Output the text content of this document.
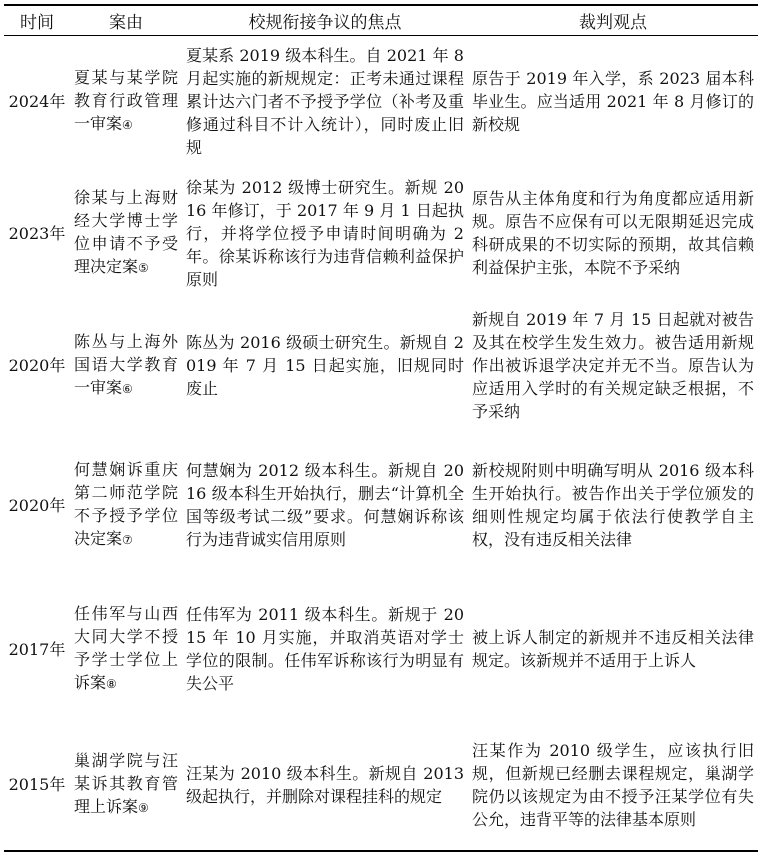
时间	案由	校规衔接争议的焦点	裁判观点
2024年	夏某与某学院教育行政管理一审案④	夏某系 2019 级本科生。自 2021 年 8 月起实施的新规规定：正考未通过课程累计达六门者不予授予学位（补考及重修通过科目不计入统计），同时废止旧规	原告于 2019 年入学，系 2023 届本科毕业生。应当适用 2021 年 8 月修订的新校规
2023年	徐某与上海财经大学博士学位申请不予受理决定案⑤	徐某为 2012 级博士研究生。新规 2016 年修订，于 2017 年 9 月 1 日起执行，并将学位授予申请时间明确为 2 年。徐某诉称该行为违背信赖利益保护原则	原告从主体角度和行为角度都应适用新规。原告不应保有可以无限期延迟完成科研成果的不切实际的预期，故其信赖利益保护主张，本院不予采纳
2020年	陈丛与上海外国语大学教育一审案⑥	陈丛为 2016 级硕士研究生。新规自 2019 年 7 月 15 日起实施，旧规同时废止	新规自 2019 年 7 月 15 日起就对被告及其在校学生发生效力。被告适用新规作出被诉退学决定并无不当。原告认为应适用入学时的有关规定缺乏根据，不予采纳
2020年	何慧娴诉重庆第二师范学院不予授予学位决定案⑦	何慧娴为 2012 级本科生。新规自 2016 级本科生开始执行，删去“计算机全国等级考试二级”要求。何慧娴诉称该行为违背诚实信用原则	新校规附则中明确写明从 2016 级本科生开始执行。被告作出关于学位颁发的细则性规定均属于依法行使教学自主权，没有违反相关法律
2017年	任伟军与山西大同大学不授予学士学位上诉案⑧	任伟军为 2011 级本科生。新规于 2015 年 10 月实施，并取消英语对学士学位的限制。任伟军诉称该行为明显有失公平	被上诉人制定的新规并不违反相关法律规定。该新规并不适用于上诉人
2015年	巢湖学院与汪某诉其教育管理上诉案⑨	汪某为 2010 级本科生。新规自 2013 级起执行，并删除对课程挂科的规定	汪某作为 2010 级学生，应该执行旧规，但新规已经删去课程规定，巢湖学院仍以该规定为由不授予汪某学位有失公允，违背平等的法律基本原则
